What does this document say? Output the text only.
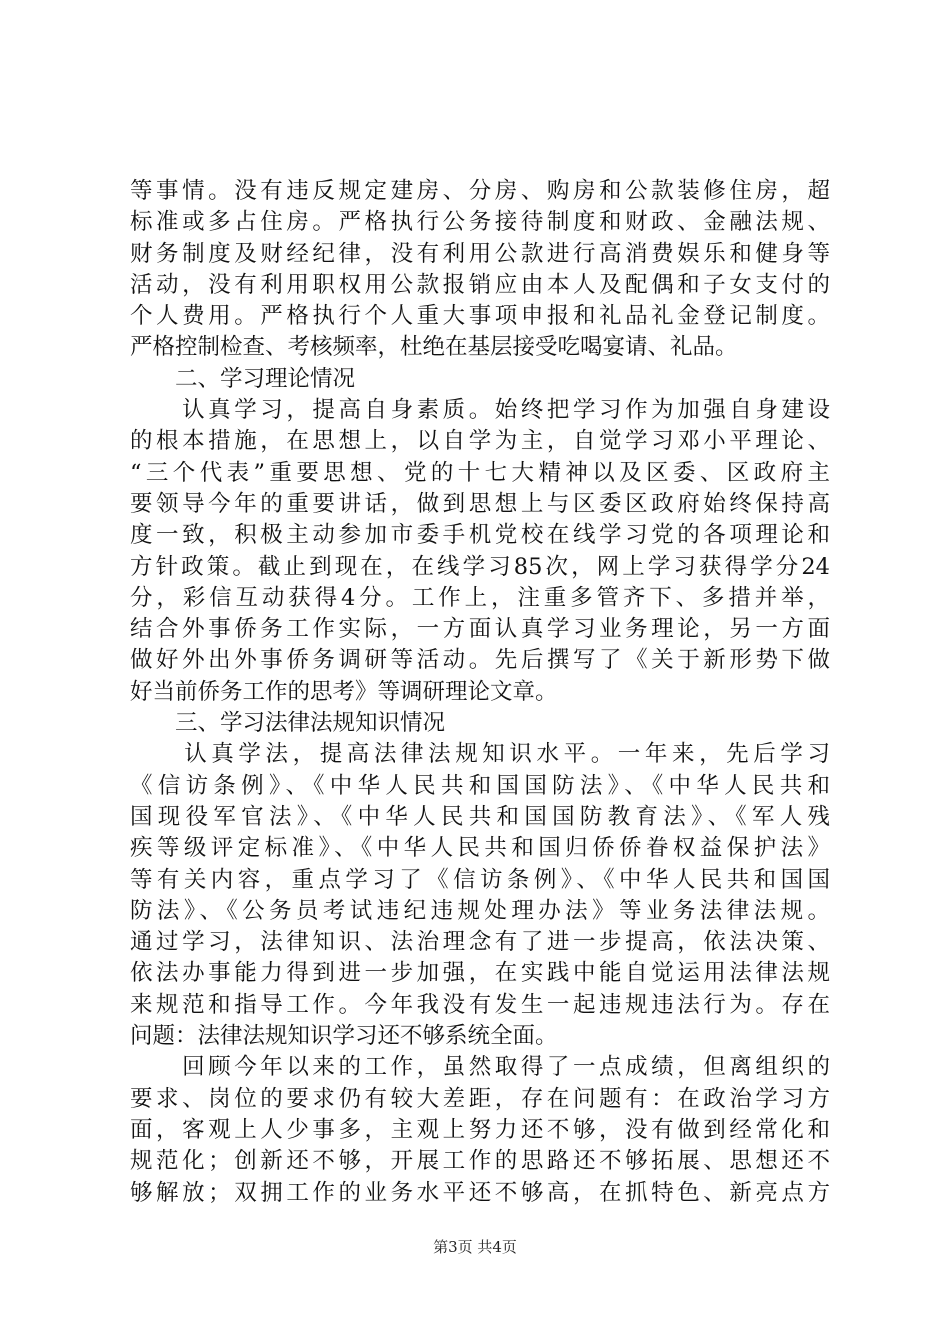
等事情。没有违反规定建房、分房、购房和公款装修住房，超
标准或多占住房。严格执行公务接待制度和财政、金融法规、
财务制度及财经纪律，没有利用公款进行高消费娱乐和健身等
活动，没有利用职权用公款报销应由本人及配偶和子女支付的
个人费用。严格执行个人重大事项申报和礼品礼金登记制度。
严格控制检查、考核频率，杜绝在基层接受吃喝宴请、礼品。
　　二、学习理论情况
　　认真学习，提高自身素质。始终把学习作为加强自身建设
的根本措施，在思想上，以自学为主，自觉学习邓小平理论、
“三个代表”重要思想、党的十七大精神以及区委、区政府主
要领导今年的重要讲话，做到思想上与区委区政府始终保持高
度一致，积极主动参加市委手机党校在线学习党的各项理论和
方针政策。截止到现在，在线学习85次，网上学习获得学分24
分，彩信互动获得4分。工作上，注重多管齐下、多措并举，
结合外事侨务工作实际，一方面认真学习业务理论，另一方面
做好外出外事侨务调研等活动。先后撰写了《关于新形势下做
好当前侨务工作的思考》等调研理论文章。
　　三、学习法律法规知识情况
　　认真学法，提高法律法规知识水平。一年来，先后学习
《信访条例》、《中华人民共和国国防法》、《中华人民共和
国现役军官法》、《中华人民共和国国防教育法》、《军人残
疾等级评定标准》、《中华人民共和国归侨侨眷权益保护法》
等有关内容，重点学习了《信访条例》、《中华人民共和国国
防法》、《公务员考试违纪违规处理办法》等业务法律法规。
通过学习，法律知识、法治理念有了进一步提高，依法决策、
依法办事能力得到进一步加强，在实践中能自觉运用法律法规
来规范和指导工作。今年我没有发生一起违规违法行为。存在
问题：法律法规知识学习还不够系统全面。
　　回顾今年以来的工作，虽然取得了一点成绩，但离组织的
要求、岗位的要求仍有较大差距，存在问题有：在政治学习方
面，客观上人少事多，主观上努力还不够，没有做到经常化和
规范化；创新还不够，开展工作的思路还不够拓展、思想还不
够解放；双拥工作的业务水平还不够高，在抓特色、新亮点方
第3页 共4页
